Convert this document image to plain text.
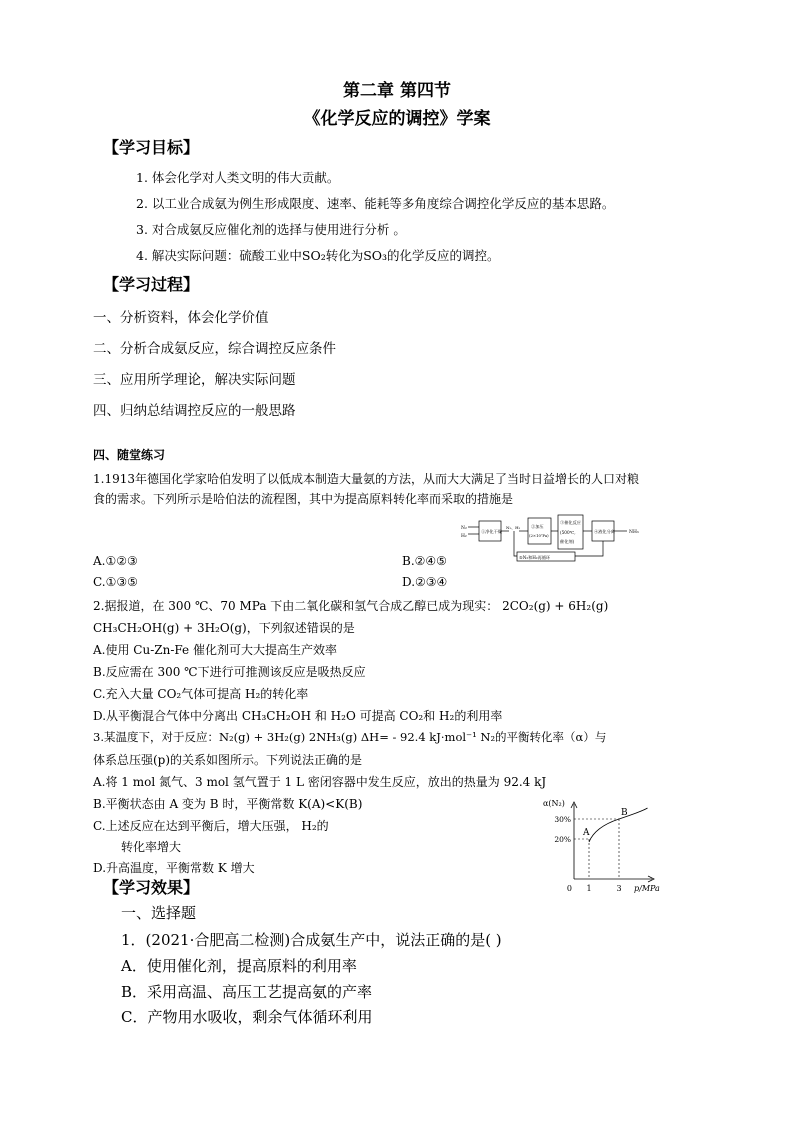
第二章 第四节
《化学反应的调控》学案
【学习目标】
1. 体会化学对人类文明的伟大贡献。
2. 以工业合成氨为例生形成限度、速率、能耗等多角度综合调控化学反应的基本思路。
3. 对合成氨反应催化剂的选择与使用进行分析 。
4. 解决实际问题：硫酸工业中SO₂转化为SO₃的化学反应的调控。
【学习过程】
一、分析资料，体会化学价值
二、分析合成氨反应，综合调控反应条件
三、应用所学理论，解决实际问题
四、归纳总结调控反应的一般思路
四、随堂练习
1.1913年德国化学家哈伯发明了以低成本制造大量氨的方法，从而大大满足了当时日益增长的人口对粮
食的需求。下列所示是哈伯法的流程图，其中为提高原料转化率而采取的措施是
N₂
H₂
①净化干燥
N₂、H₂	②加压
(2×10⁷Pa)
③催化反应
(500℃,
催化剂)
④液化分离	NH₃
⑤N₂和H₂再循环
A.①②③	B.②④⑤
C.①③⑤	D.②③④
2.据报道，在 300 ℃、70 MPa 下由二氧化碳和氢气合成乙醇已成为现实： 2CO₂(g) + 6H₂(g)
CH₃CH₂OH(g) + 3H₂O(g)，下列叙述错误的是
A.使用 Cu-Zn-Fe 催化剂可大大提高生产效率
B.反应需在 300 ℃下进行可推测该反应是吸热反应
C.充入大量 CO₂气体可提高 H₂的转化率
D.从平衡混合气体中分离出 CH₃CH₂OH 和 H₂O 可提高 CO₂和 H₂的利用率
3.某温度下，对于反应：N₂(g) + 3H₂(g) 2NH₃(g) ΔH= - 92.4 kJ·mol⁻¹ N₂的平衡转化率（α）与
体系总压强(p)的关系如图所示。下列说法正确的是
A.将 1 mol 氮气、3 mol 氢气置于 1 L 密闭容器中发生反应，放出的热量为 92.4 kJ
B.平衡状态由 A 变为 B 时，平衡常数 K(A)<K(B)
C.上述反应在达到平衡后，增大压强， H₂的
转化率增大
D.升高温度，平衡常数 K 增大
A
B
1	3
20%
30%
α(N₂)
p/MPa
0
【学习效果】
一、选择题
1．(2021·合肥高二检测)合成氨生产中，说法正确的是( )
A．使用催化剂，提高原料的利用率
B．采用高温、高压工艺提高氨的产率
C．产物用水吸收，剩余气体循环利用
